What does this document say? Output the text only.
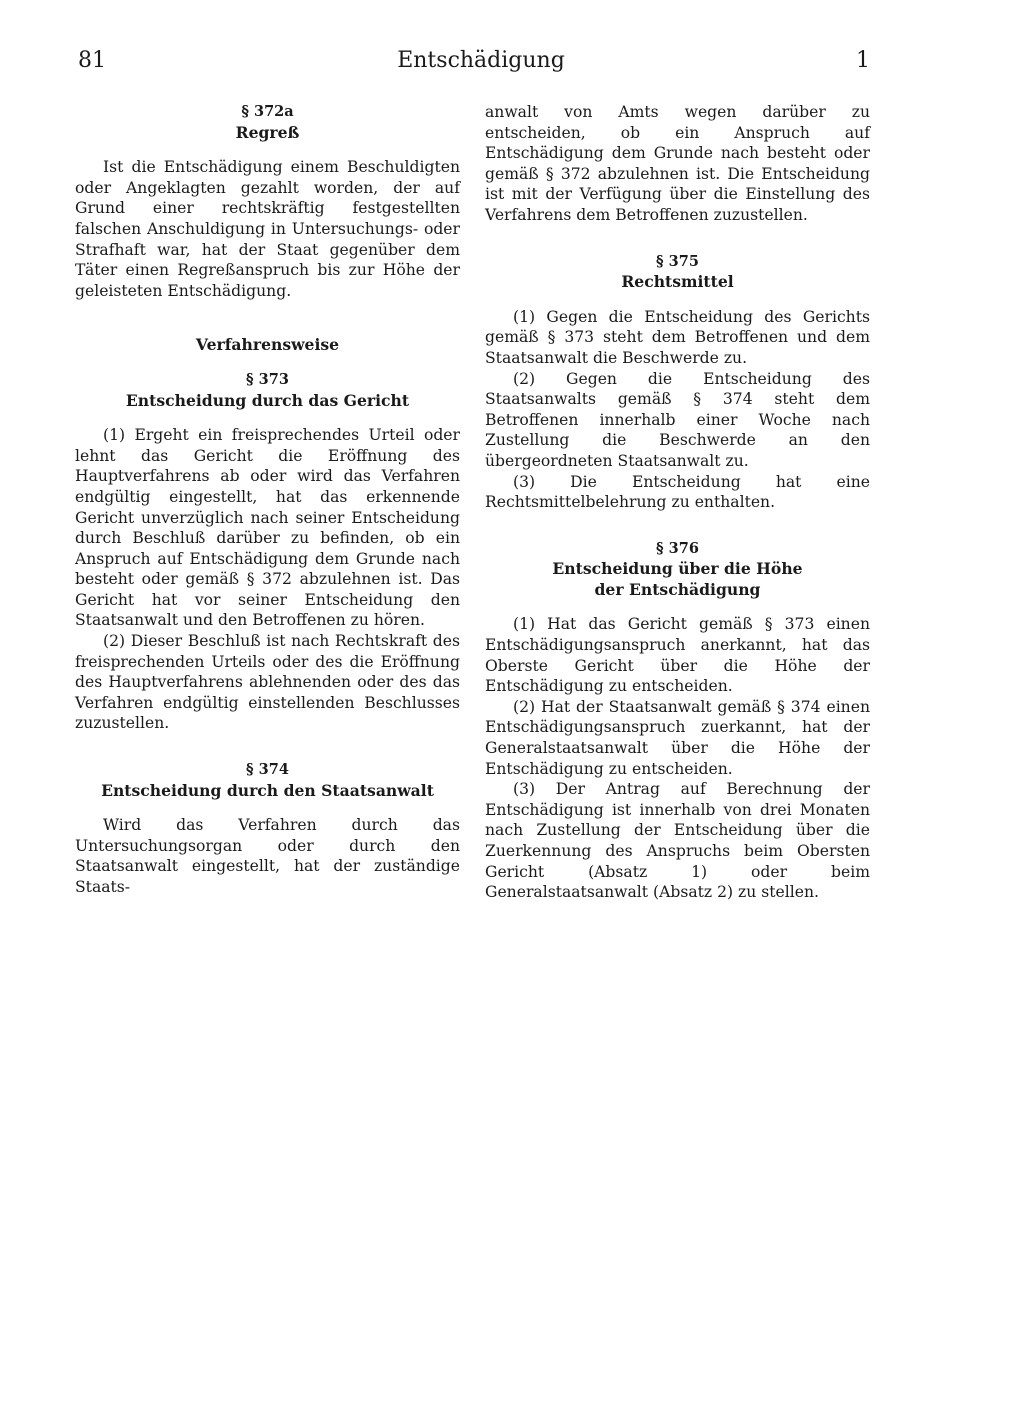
81	Entschädigung	1
§ 372a
Regreß

Ist die Entschädigung einem Beschuldigten oder Angeklagten gezahlt worden, der auf Grund einer rechtskräftig festgestellten falschen Anschuldigung in Untersuchungs- oder Strafhaft war, hat der Staat gegenüber dem Täter einen Regreßanspruch bis zur Höhe der geleisteten Entschädigung.

Verfahrensweise

§ 373
Entscheidung durch das Gericht

(1) Ergeht ein freisprechendes Urteil oder lehnt das Gericht die Eröffnung des Hauptverfahrens ab oder wird das Verfahren endgültig eingestellt, hat das erkennende Gericht unverzüglich nach seiner Entscheidung durch Beschluß darüber zu befinden, ob ein Anspruch auf Entschädigung dem Grunde nach besteht oder gemäß § 372 abzulehnen ist. Das Gericht hat vor seiner Entscheidung den Staatsanwalt und den Betroffenen zu hören.

(2) Dieser Beschluß ist nach Rechtskraft des freisprechenden Urteils oder des die Eröffnung des Hauptverfahrens ablehnenden oder des das Verfahren endgültig einstellenden Beschlusses zuzustellen.

§ 374
Entscheidung durch den Staatsanwalt

Wird das Verfahren durch das Untersuchungsorgan oder durch den Staatsanwalt eingestellt, hat der zuständige Staats-

anwalt von Amts wegen darüber zu entscheiden, ob ein Anspruch auf Entschädigung dem Grunde nach besteht oder gemäß § 372 abzulehnen ist. Die Entscheidung ist mit der Verfügung über die Einstellung des Verfahrens dem Betroffenen zuzustellen.

§ 375
Rechtsmittel

(1) Gegen die Entscheidung des Gerichts gemäß § 373 steht dem Betroffenen und dem Staatsanwalt die Beschwerde zu.

(2) Gegen die Entscheidung des Staatsanwalts gemäß § 374 steht dem Betroffenen innerhalb einer Woche nach Zustellung die Beschwerde an den übergeordneten Staatsanwalt zu.

(3) Die Entscheidung hat eine Rechtsmittelbelehrung zu enthalten.

§ 376
Entscheidung über die Höhe
der Entschädigung

(1) Hat das Gericht gemäß § 373 einen Entschädigungsanspruch anerkannt, hat das Oberste Gericht über die Höhe der Entschädigung zu entscheiden.

(2) Hat der Staatsanwalt gemäß § 374 einen Entschädigungsanspruch zuerkannt, hat der Generalstaatsanwalt über die Höhe der Entschädigung zu entscheiden.

(3) Der Antrag auf Berechnung der Entschädigung ist innerhalb von drei Monaten nach Zustellung der Entscheidung über die Zuerkennung des Anspruchs beim Obersten Gericht (Absatz 1) oder beim Generalstaatsanwalt (Absatz 2) zu stellen.
